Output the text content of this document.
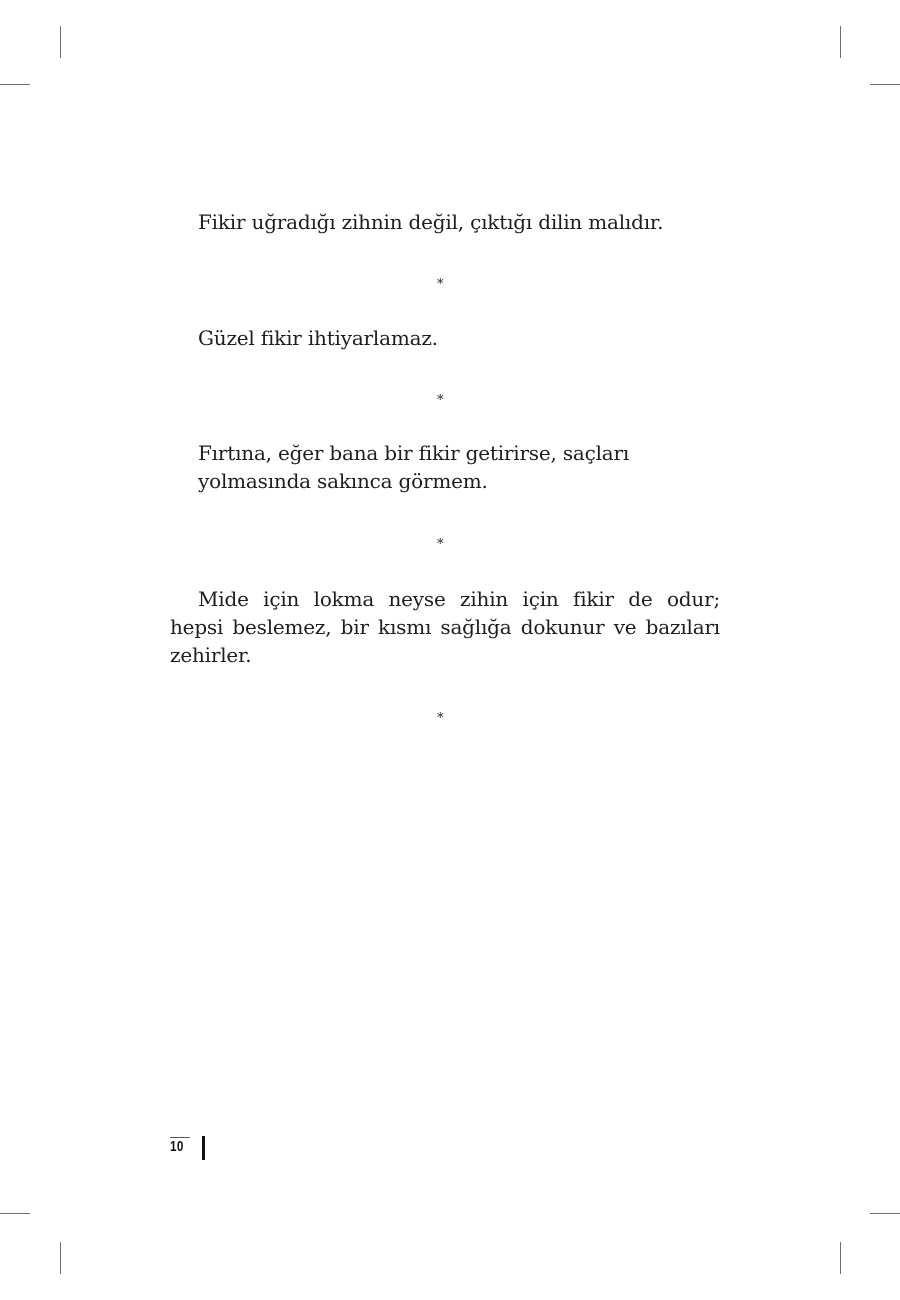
Fikir uğradığı zihnin değil, çıktığı dilin malıdır.

*

Güzel fikir ihtiyarlamaz.

*

Fırtına, eğer bana bir fikir getirirse, saçları
yolmasında sakınca görmem.

*

Mide için lokma neyse zihin için fikir de odur; hepsi beslemez, bir kısmı sağlığa dokunur ve bazıları zehirler.

*
10
